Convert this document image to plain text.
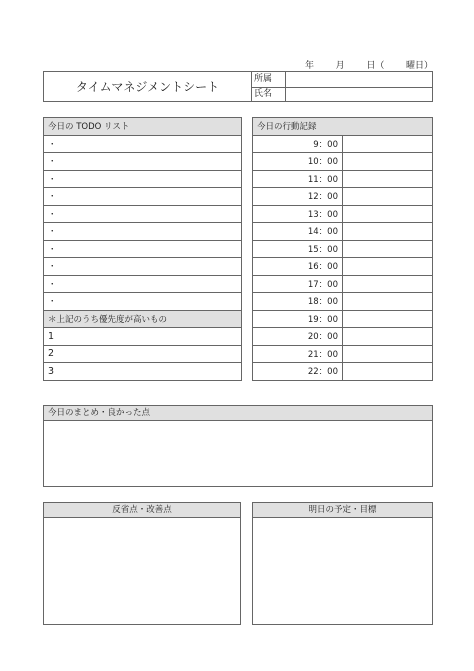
年 月 日（ 曜日）
タイムマネジメントシート
所属
氏名
今日の TODO リスト
・
・
・
・
・
・
・
・
・
・
＊上記のうち優先度が高いもの
1
2
3
今日の行動記録	
9：00	
10：00	
11：00	
12：00	
13：00	
14：00	
15：00	
16：00	
17：00	
18：00	
19：00	
20：00	
21：00	
22：00	
今日のまとめ・良かった点
反省点・改善点	明日の予定・目標
